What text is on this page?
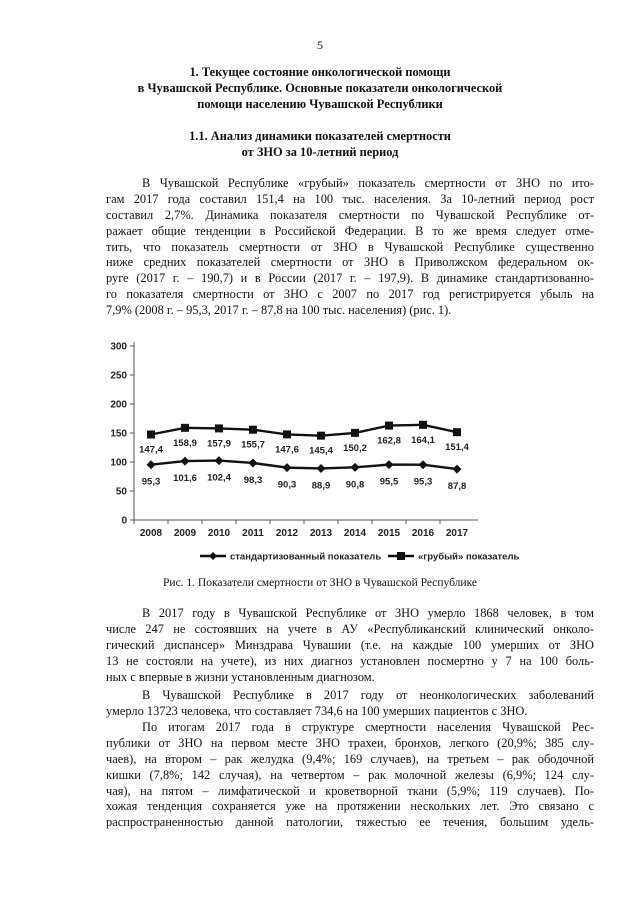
5
1. Текущее состояние онкологической помощи
в Чувашской Республике. Основные показатели онкологической
помощи населению Чувашской Республики
1.1. Анализ динамики показателей смертности
от ЗНО за 10-летний период
В Чувашской Республике «грубый» показатель смертности от ЗНО по ито-
гам 2017 года составил 151,4 на 100 тыс. населения. За 10-летний период рост
составил 2,7%. Динамика показателя смертности по Чувашской Республике от-
ражает общие тенденции в Российской Федерации. В то же время следует отме-
тить, что показатель смертности от ЗНО в Чувашской Республике существенно
ниже средних показателей смертности от ЗНО в Приволжском федеральном ок-
руге (2017 г. – 190,7) и в России (2017 г. – 197,9). В динамике стандартизованно-
го показателя смертности от ЗНО с 2007 по 2017 год регистрируется убыль на
7,9% (2008 г. – 95,3, 2017 г. – 87,8 на 100 тыс. населения) (рис. 1).
0
50
100
150
200
250
300
2008 2009 2010 2011 2012 2013 2014 2015 2016 2017
95,3 101,6 102,4 98,3 90,3 88,9 90,8 95,5 95,3 87,8
147,4
158,9 157,9 155,7 147,6 145,4 150,2
162,8 164,1
151,4
стандартизованный показатель	«грубый» показатель
Рис. 1. Показатели смертности от ЗНО в Чувашской Республике
В 2017 году в Чувашской Республике от ЗНО умерло 1868 человек, в том
числе 247 не состоявших на учете в АУ «Республиканский клинический онколо-
гический диспансер» Минздрава Чувашии (т.е. на каждые 100 умерших от ЗНО
13 не состояли на учете), из них диагноз установлен посмертно у 7 на 100 боль-
ных с впервые в жизни установленным диагнозом.
В Чувашской Республике в 2017 году от неонкологических заболеваний
умерло 13723 человека, что составляет 734,6 на 100 умерших пациентов с ЗНО.
По итогам 2017 года в структуре смертности населения Чувашской Рес-
публики от ЗНО на первом месте ЗНО трахеи, бронхов, легкого (20,9%; 385 слу-
чаев), на втором – рак желудка (9,4%; 169 случаев), на третьем – рак ободочной
кишки (7,8%; 142 случая), на четвертом – рак молочной железы (6,9%; 124 слу-
чая), на пятом – лимфатической и кроветворной ткани (5,9%; 119 случаев). По-
хожая тенденция сохраняется уже на протяжении нескольких лет. Это связано с
распространенностью данной патологии, тяжестью ее течения, большим удель-
